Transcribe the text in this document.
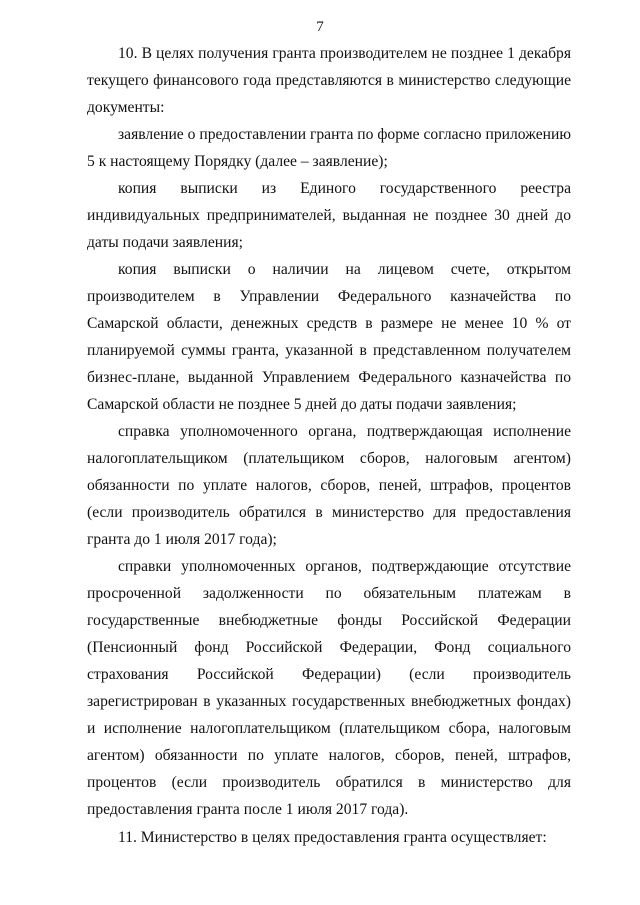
7

10. В целях получения гранта производителем не позднее 1 декабря текущего финансового года представляются в министерство следующие документы:

заявление о предоставлении гранта по форме согласно приложению 5 к настоящему Порядку (далее – заявление);

копия выписки из Единого государственного реестра индивидуальных предпринимателей, выданная не позднее 30 дней до даты подачи заявления;

копия выписки о наличии на лицевом счете, открытом производителем в Управлении Федерального казначейства по Самарской области, денежных средств в размере не менее 10 % от планируемой суммы гранта, указанной в представленном получателем бизнес-плане, выданной Управлением Федерального казначейства по Самарской области не позднее 5 дней до даты подачи заявления;

справка уполномоченного органа, подтверждающая исполнение налогоплательщиком (плательщиком сборов, налоговым агентом) обязанности по уплате налогов, сборов, пеней, штрафов, процентов (если производитель обратился в министерство для предоставления гранта до 1 июля 2017 года);

справки уполномоченных органов, подтверждающие отсутствие просроченной задолженности по обязательным платежам в государственные внебюджетные фонды Российской Федерации (Пенсионный фонд Российской Федерации, Фонд социального страхования Российской Федерации) (если производитель зарегистрирован в указанных государственных внебюджетных фондах) и исполнение налогоплательщиком (плательщиком сбора, налоговым агентом) обязанности по уплате налогов, сборов, пеней, штрафов, процентов (если производитель обратился в министерство для предоставления гранта после 1 июля 2017 года).

11. Министерство в целях предоставления гранта осуществляет:
